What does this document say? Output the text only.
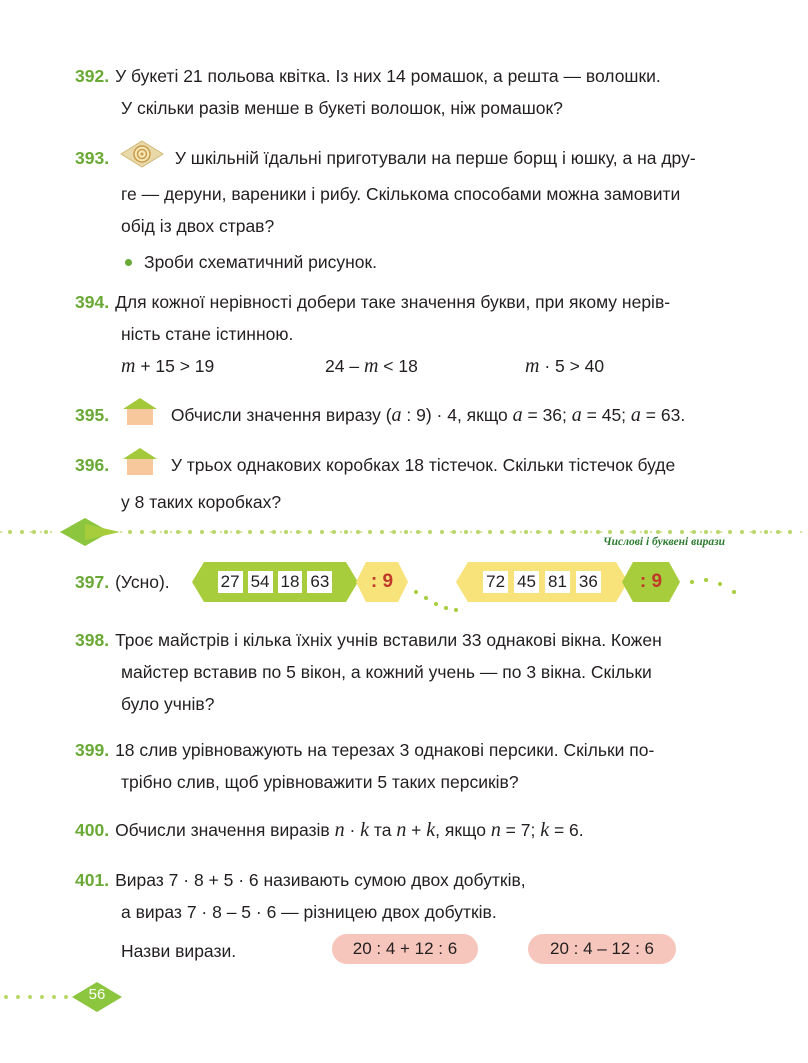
392. У букеті 21 польова квітка. Із них 14 ромашок, а решта — волошки.
У скільки разів менше в букеті волошок, ніж ромашок?
393.	У шкільній їдальні приготували на перше борщ і юшку, а на дру-
ге — деруни, вареники і рибу. Скількома способами можна замовити
обід із двох страв?
Зроби схематичний рисунок.
394. Для кожної нерівності добери таке значення букви, при якому нерів-
ність стане істинною.
m + 15 > 19	24 – m < 18	m · 5 > 40
395.	Обчисли значення виразу (a : 9) · 4, якщо a = 36; a = 45; a = 63.
396.	У трьох однакових коробках 18 тістечок. Скільки тістечок буде
у 8 таких коробках?
Числові і буквені вирази
397. (Усно).	27 54 18 63	: 9	72 45 81 36	: 9
398. Троє майстрів і кілька їхніх учнів вставили 33 однакові вікна. Кожен
майстер вставив по 5 вікон, а кожний учень — по 3 вікна. Скільки
було учнів?
399. 18 слив урівноважують на терезах 3 однакові персики. Скільки по-
трібно слив, щоб урівноважити 5 таких персиків?
400. Обчисли значення виразів n · k та n + k, якщо n = 7; k = 6.
401. Вираз 7 · 8 + 5 · 6 називають сумою двох добутків,
а вираз 7 · 8 – 5 · 6 — різницею двох добутків.
Назви вирази.	20 : 4 + 12 : 6	20 : 4 – 12 : 6
56
